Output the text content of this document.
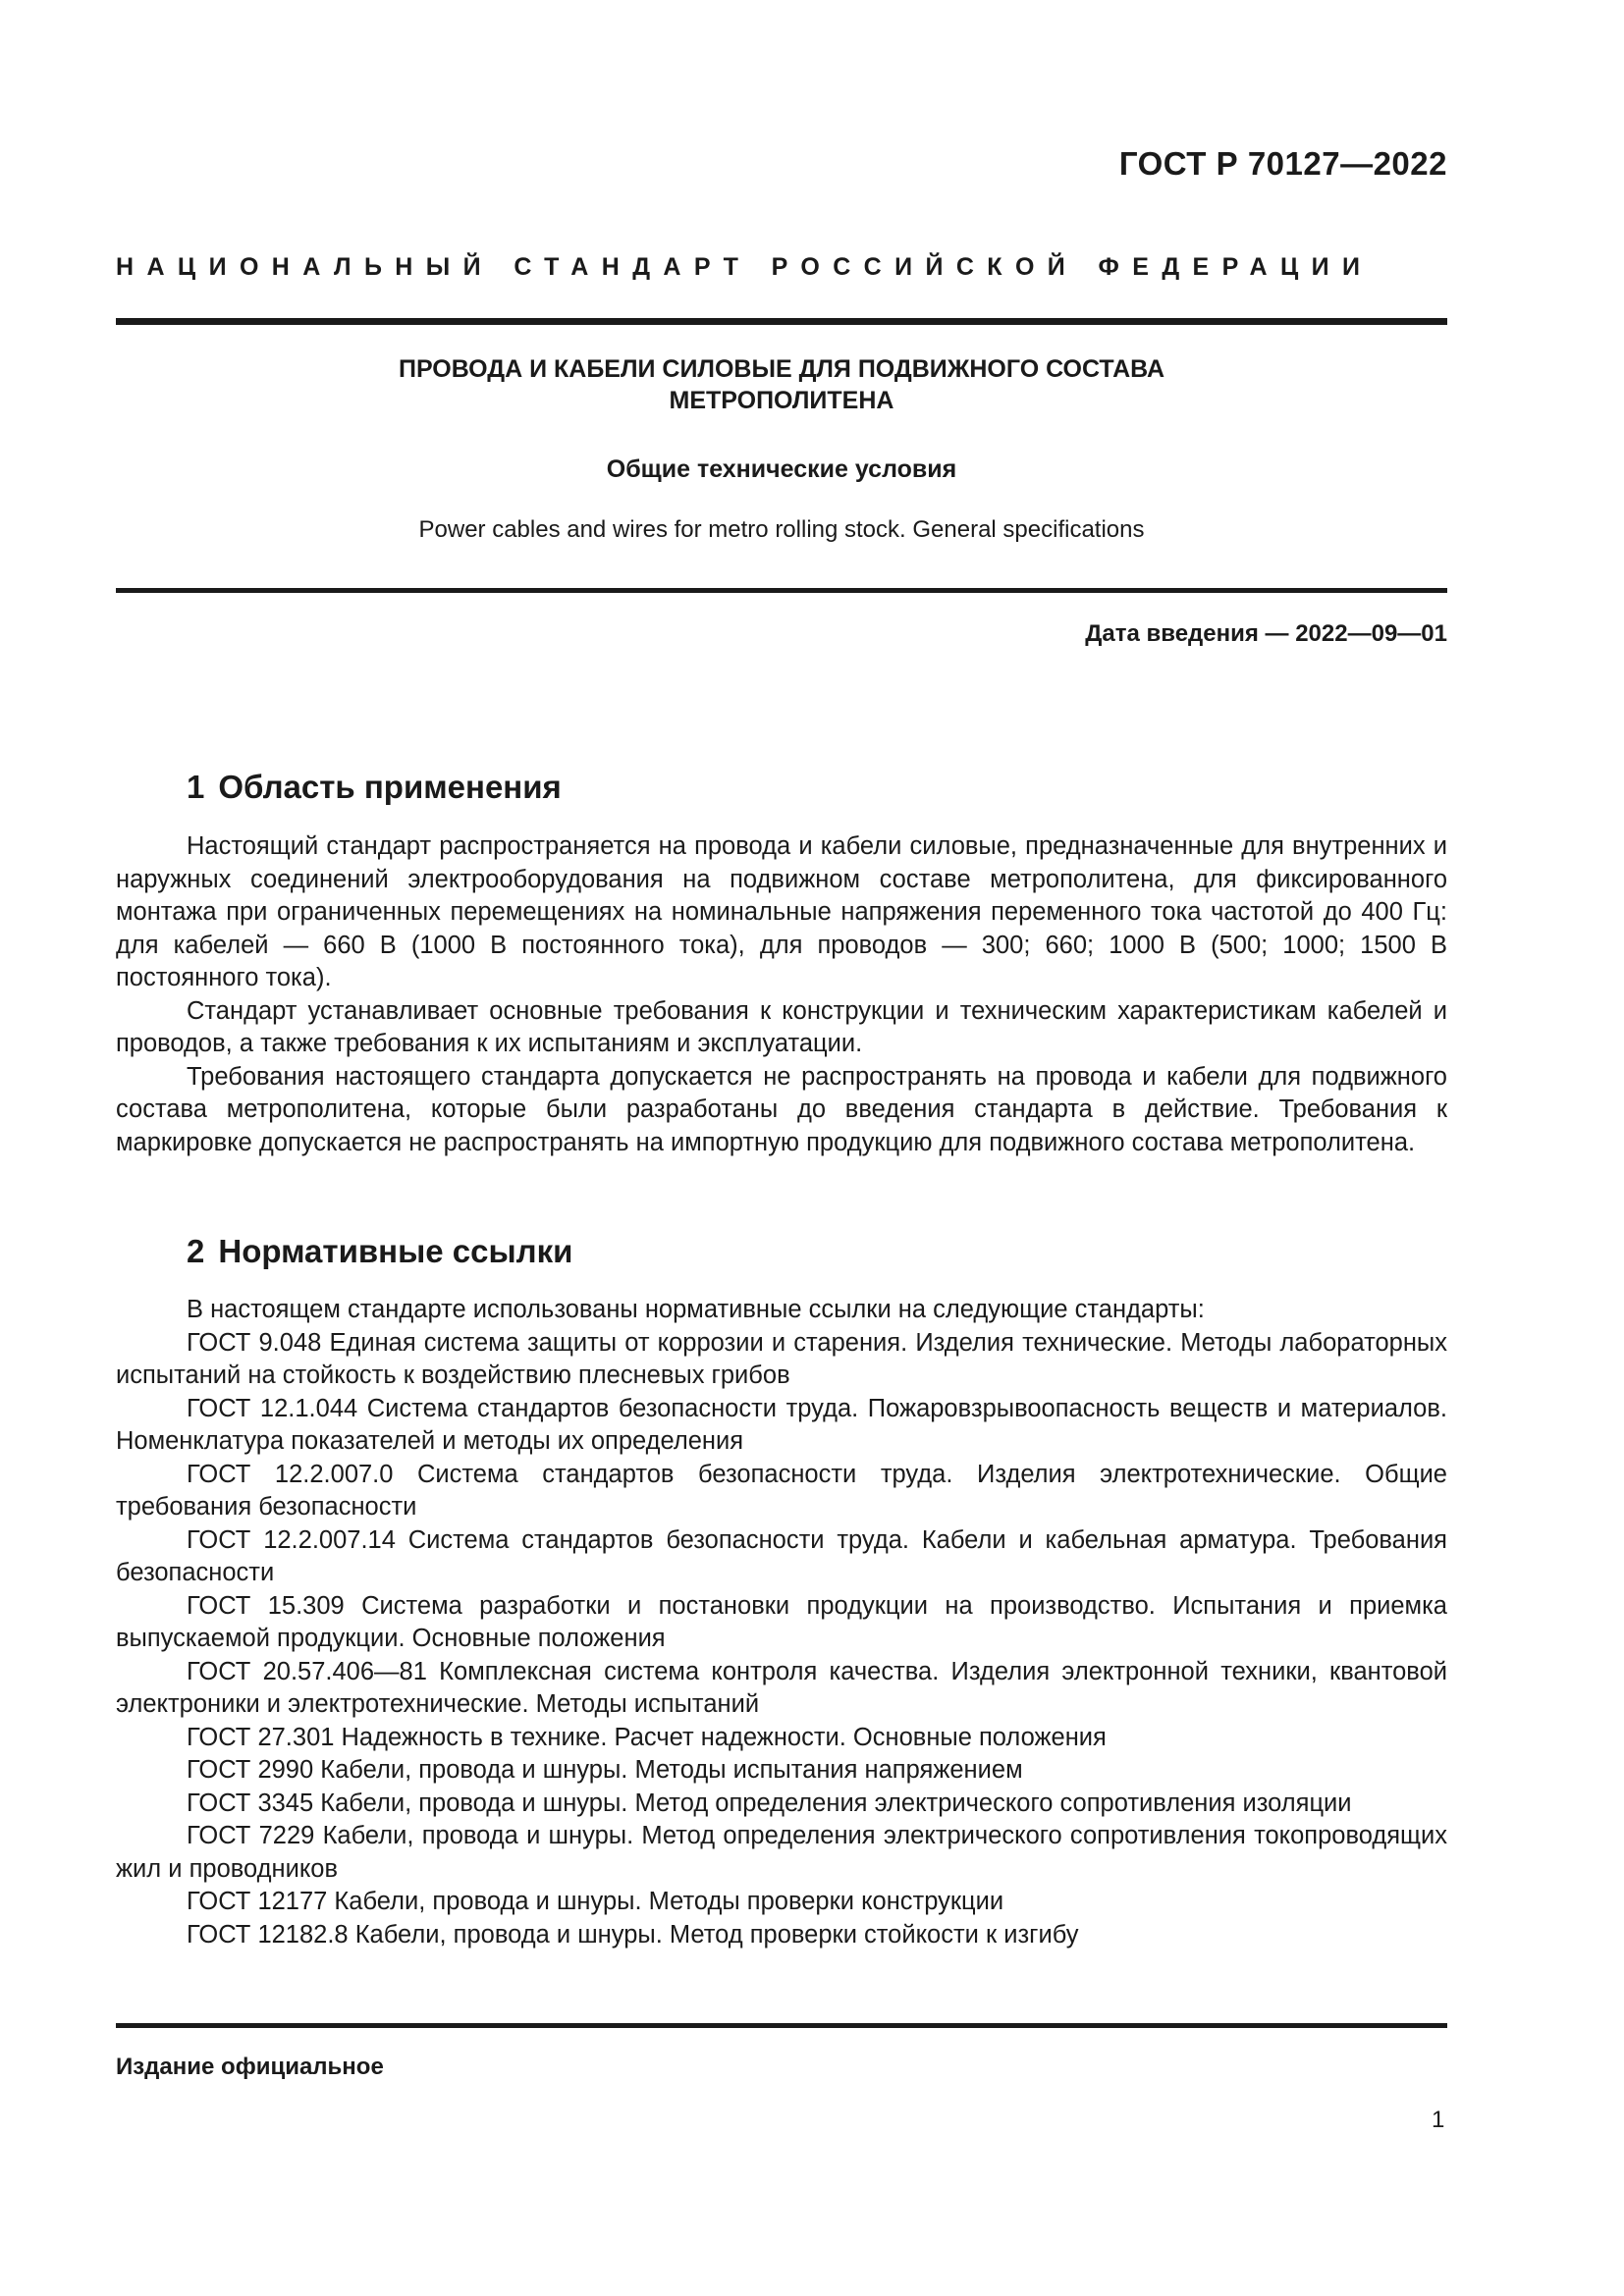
ГОСТ Р 70127—2022
НАЦИОНАЛЬНЫЙ СТАНДАРТ РОССИЙСКОЙ ФЕДЕРАЦИИ
ПРОВОДА И КАБЕЛИ СИЛОВЫЕ ДЛЯ ПОДВИЖНОГО СОСТАВА
МЕТРОПОЛИТЕНА
Общие технические условия
Power cables and wires for metro rolling stock. General specifications
Дата введения — 2022—09—01
1 Область применения

Настоящий стандарт распространяется на провода и кабели силовые, предназначенные для внутренних и наружных соединений электрооборудования на подвижном составе метрополитена, для фиксированного монтажа при ограниченных перемещениях на номинальные напряжения переменного тока частотой до 400 Гц: для кабелей — 660 В (1000 В постоянного тока), для проводов — 300; 660; 1000 В (500; 1000; 1500 В постоянного тока).

Стандарт устанавливает основные требования к конструкции и техническим характеристикам кабелей и проводов, а также требования к их испытаниям и эксплуатации.

Требования настоящего стандарта допускается не распространять на провода и кабели для подвижного состава метрополитена, которые были разработаны до введения стандарта в действие. Требования к маркировке допускается не распространять на импортную продукцию для подвижного состава метрополитена.

2 Нормативные ссылки

В настоящем стандарте использованы нормативные ссылки на следующие стандарты:

ГОСТ 9.048 Единая система защиты от коррозии и старения. Изделия технические. Методы лабораторных испытаний на стойкость к воздействию плесневых грибов

ГОСТ 12.1.044 Система стандартов безопасности труда. Пожаровзрывоопасность веществ и материалов. Номенклатура показателей и методы их определения

ГОСТ 12.2.007.0 Система стандартов безопасности труда. Изделия электротехнические. Общие требования безопасности

ГОСТ 12.2.007.14 Система стандартов безопасности труда. Кабели и кабельная арматура. Требования безопасности

ГОСТ 15.309 Система разработки и постановки продукции на производство. Испытания и приемка выпускаемой продукции. Основные положения

ГОСТ 20.57.406—81 Комплексная система контроля качества. Изделия электронной техники, квантовой электроники и электротехнические. Методы испытаний

ГОСТ 27.301 Надежность в технике. Расчет надежности. Основные положения

ГОСТ 2990 Кабели, провода и шнуры. Методы испытания напряжением

ГОСТ 3345 Кабели, провода и шнуры. Метод определения электрического сопротивления изоляции

ГОСТ 7229 Кабели, провода и шнуры. Метод определения электрического сопротивления токопроводящих жил и проводников

ГОСТ 12177 Кабели, провода и шнуры. Методы проверки конструкции

ГОСТ 12182.8 Кабели, провода и шнуры. Метод проверки стойкости к изгибу

Издание официальное
1
